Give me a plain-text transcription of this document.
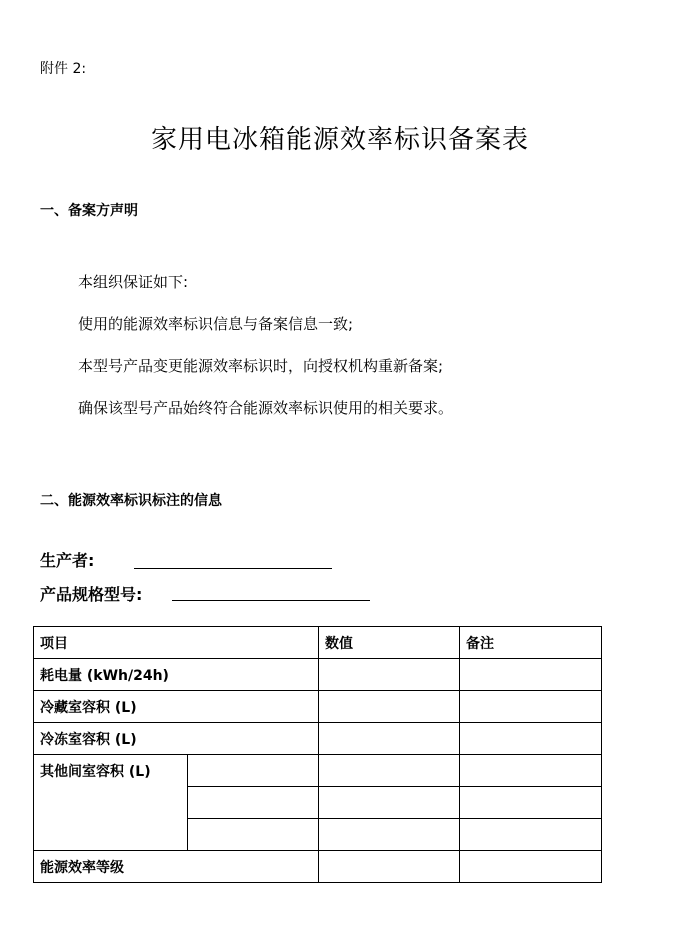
附件 2:
家用电冰箱能源效率标识备案表
一、备案方声明
本组织保证如下:
使用的能源效率标识信息与备案信息一致;
本型号产品变更能源效率标识时，向授权机构重新备案;
确保该型号产品始终符合能源效率标识使用的相关要求。
二、能源效率标识标注的信息
生产者:
产品规格型号:
项目		数值	备注
耗电量 (kWh/24h)			
冷藏室容积 (L)			
冷冻室容积 (L)			
其他间室容积 (L)			

能源效率等级			
